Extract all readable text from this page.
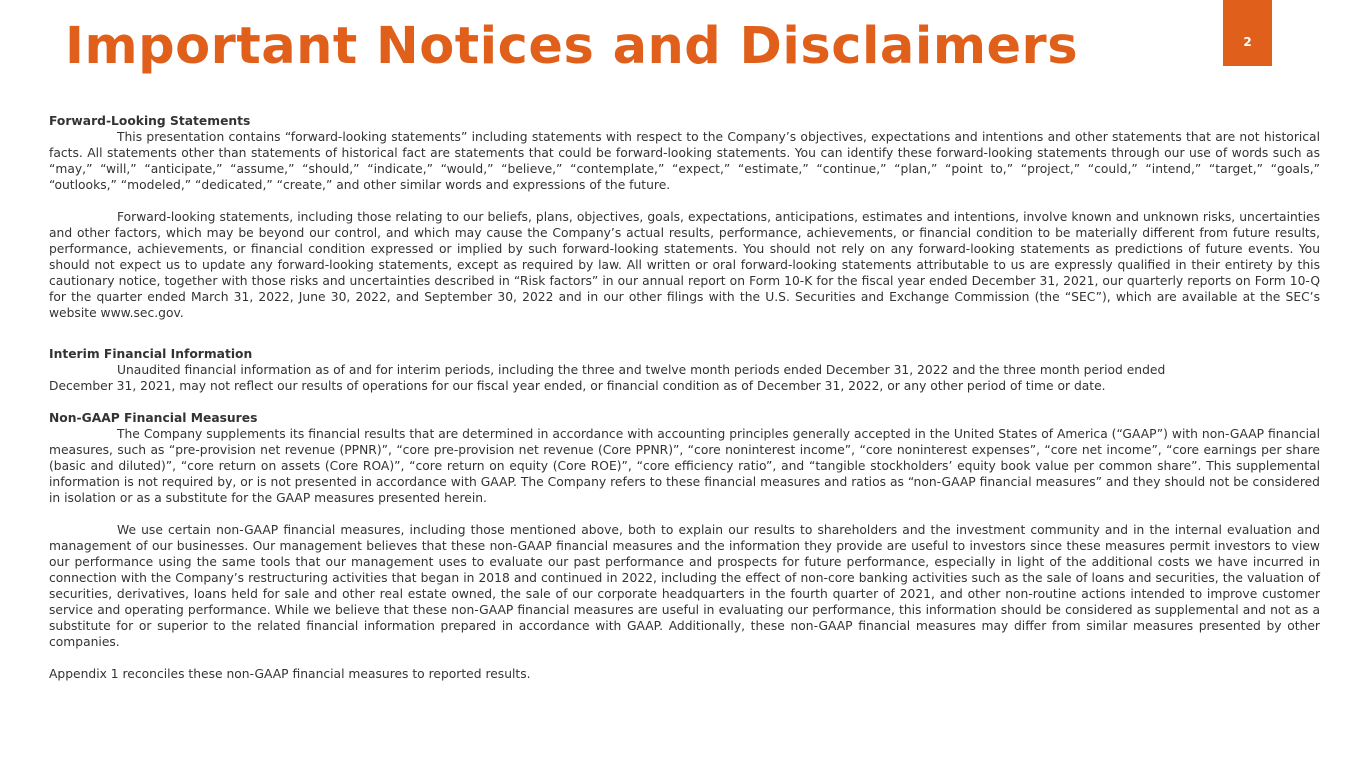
Important Notices and Disclaimers	2
Forward-Looking Statements

This presentation contains “forward-looking statements” including statements with respect to the Company’s objectives, expectations and intentions and other statements that are not historical facts. All statements other than statements of historical fact are statements that could be forward-looking statements. You can identify these forward-looking statements through our use of words such as “may,” “will,” “anticipate,” “assume,” “should,” “indicate,” “would,” “believe,” “contemplate,” “expect,” “estimate,” “continue,” “plan,” “point to,” “project,” “could,” “intend,” “target,” “goals,” “outlooks,” “modeled,” “dedicated,” “create,” and other similar words and expressions of the future.

Forward-looking statements, including those relating to our beliefs, plans, objectives, goals, expectations, anticipations, estimates and intentions, involve known and unknown risks, uncertainties and other factors, which may be beyond our control, and which may cause the Company’s actual results, performance, achievements, or financial condition to be materially different from future results, performance, achievements, or financial condition expressed or implied by such forward-looking statements. You should not rely on any forward-looking statements as predictions of future events. You should not expect us to update any forward-looking statements, except as required by law. All written or oral forward-looking statements attributable to us are expressly qualified in their entirety by this cautionary notice, together with those risks and uncertainties described in “Risk factors” in our annual report on Form 10-K for the fiscal year ended December 31, 2021, our quarterly reports on Form 10-Q for the quarter ended March 31, 2022, June 30, 2022, and September 30, 2022 and in our other filings with the U.S. Securities and Exchange Commission (the “SEC”), which are available at the SEC’s website www.sec.gov.

Interim Financial Information

Unaudited financial information as of and for interim periods, including the three and twelve month periods ended December 31, 2022 and the three month period ended

December 31, 2021, may not reflect our results of operations for our fiscal year ended, or financial condition as of December 31, 2022, or any other period of time or date.

Non-GAAP Financial Measures

The Company supplements its financial results that are determined in accordance with accounting principles generally accepted in the United States of America (“GAAP”) with non-GAAP financial measures, such as “pre-provision net revenue (PPNR)”, “core pre-provision net revenue (Core PPNR)”, “core noninterest income”, “core noninterest expenses”, “core net income”, “core earnings per share (basic and diluted)”, “core return on assets (Core ROA)”, “core return on equity (Core ROE)”, “core efficiency ratio”, and “tangible stockholders’ equity book value per common share”. This supplemental information is not required by, or is not presented in accordance with GAAP. The Company refers to these financial measures and ratios as “non-GAAP financial measures” and they should not be considered in isolation or as a substitute for the GAAP measures presented herein.

We use certain non-GAAP financial measures, including those mentioned above, both to explain our results to shareholders and the investment community and in the internal evaluation and management of our businesses. Our management believes that these non-GAAP financial measures and the information they provide are useful to investors since these measures permit investors to view our performance using the same tools that our management uses to evaluate our past performance and prospects for future performance, especially in light of the additional costs we have incurred in connection with the Company’s restructuring activities that began in 2018 and continued in 2022, including the effect of non-core banking activities such as the sale of loans and securities, the valuation of securities, derivatives, loans held for sale and other real estate owned, the sale of our corporate headquarters in the fourth quarter of 2021, and other non-routine actions intended to improve customer service and operating performance. While we believe that these non-GAAP financial measures are useful in evaluating our performance, this information should be considered as supplemental and not as a substitute for or superior to the related financial information prepared in accordance with GAAP. Additionally, these non-GAAP financial measures may differ from similar measures presented by other companies.

Appendix 1 reconciles these non-GAAP financial measures to reported results.
